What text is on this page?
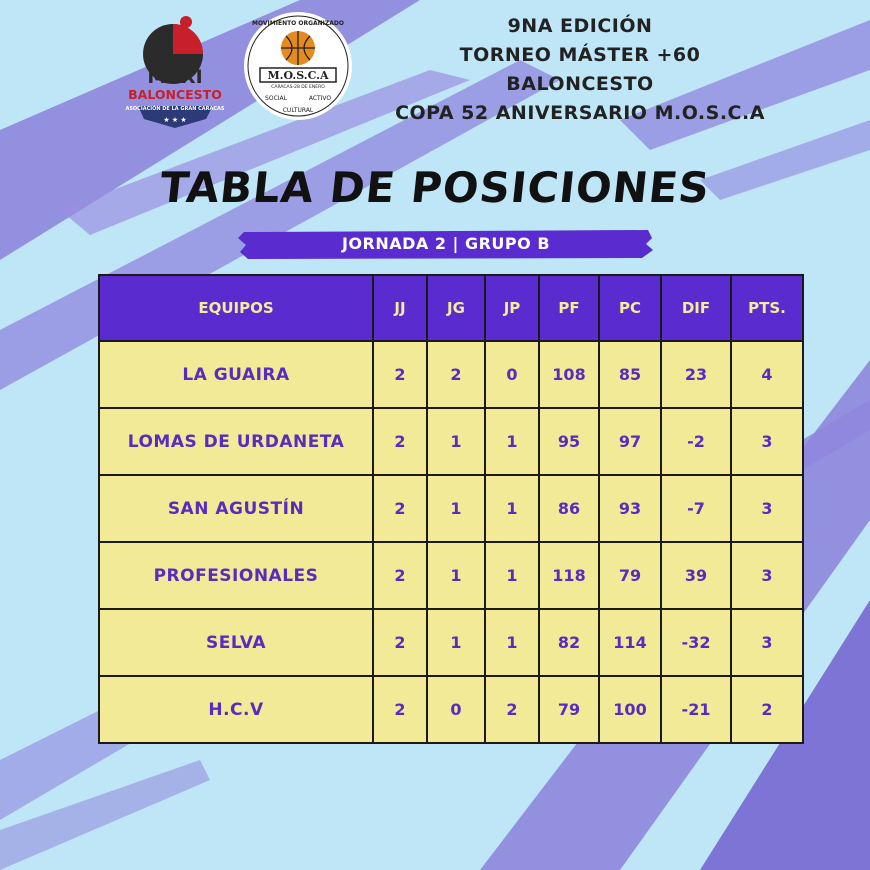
MAXI
BALONCESTO
ASOCIACIÓN DE LA GRAN CARACAS
★ ★ ★
M.O.S.C.A
CARACAS-28 DE ENERO
MOVIMIENTO ORGANIZADO
SOCIAL	ACTIVO
CULTURAL
9NA EDICIÓN
TORNEO MÁSTER +60 BALONCESTO
COPA 52 ANIVERSARIO M.O.S.C.A
TABLA DE POSICIONES
JORNADA 2 | GRUPO B
EQUIPOS	JJ	JG	JP	PF	PC	DIF	PTS.
LA GUAIRA	2	2	0	108	85	23	4
LOMAS DE URDANETA	2	1	1	95	97	-2	3
SAN AGUSTÍN	2	1	1	86	93	-7	3
PROFESIONALES	2	1	1	118	79	39	3
SELVA	2	1	1	82	114	-32	3
H.C.V	2	0	2	79	100	-21	2
